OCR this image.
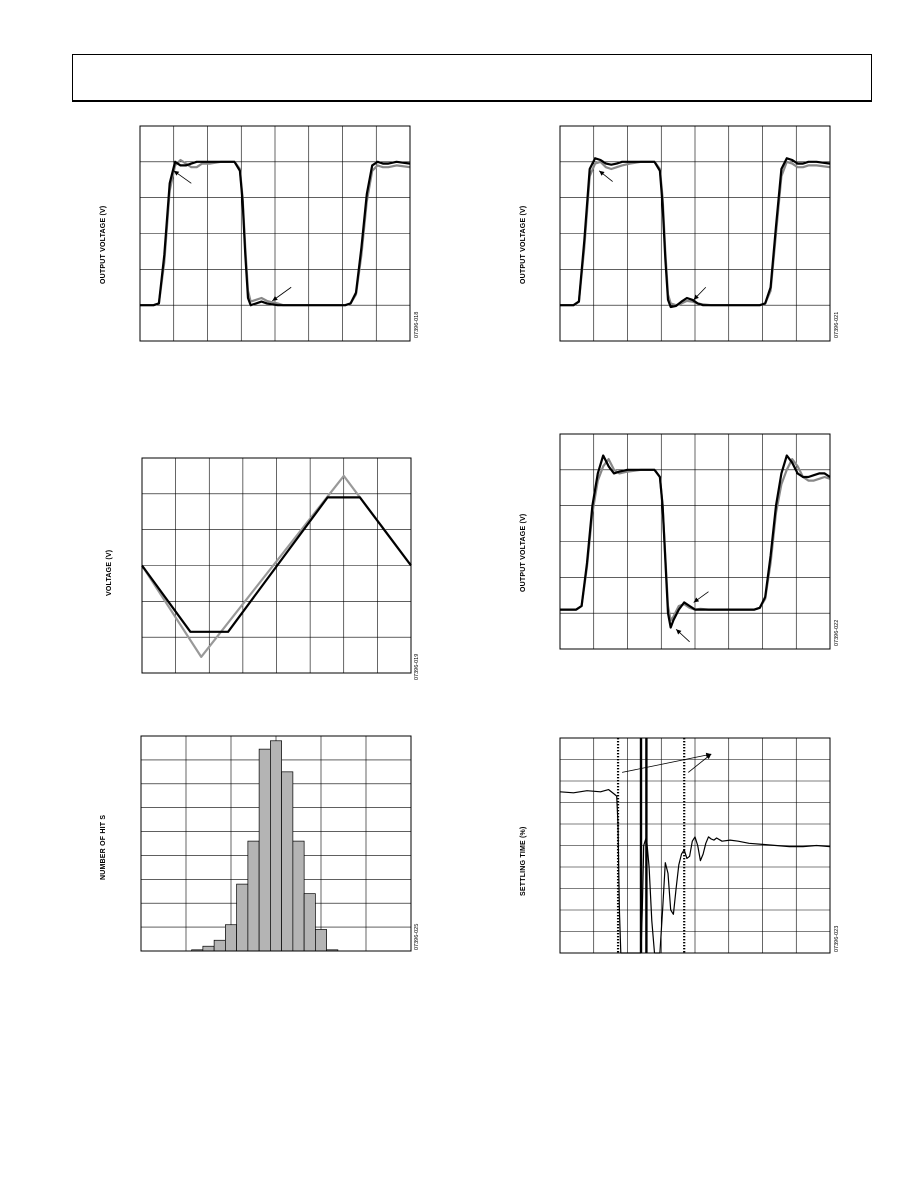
OUTPUT VOLTAGE (V)
07396-018
OUTPUT VOLTAGE (V)
07396-021
VOLTAGE (V)
07396-019
OUTPUT VOLTAGE (V)
07396-022
NUMBER OF HIT S
07396-025
SETTLING TIME (%)
07396-023
